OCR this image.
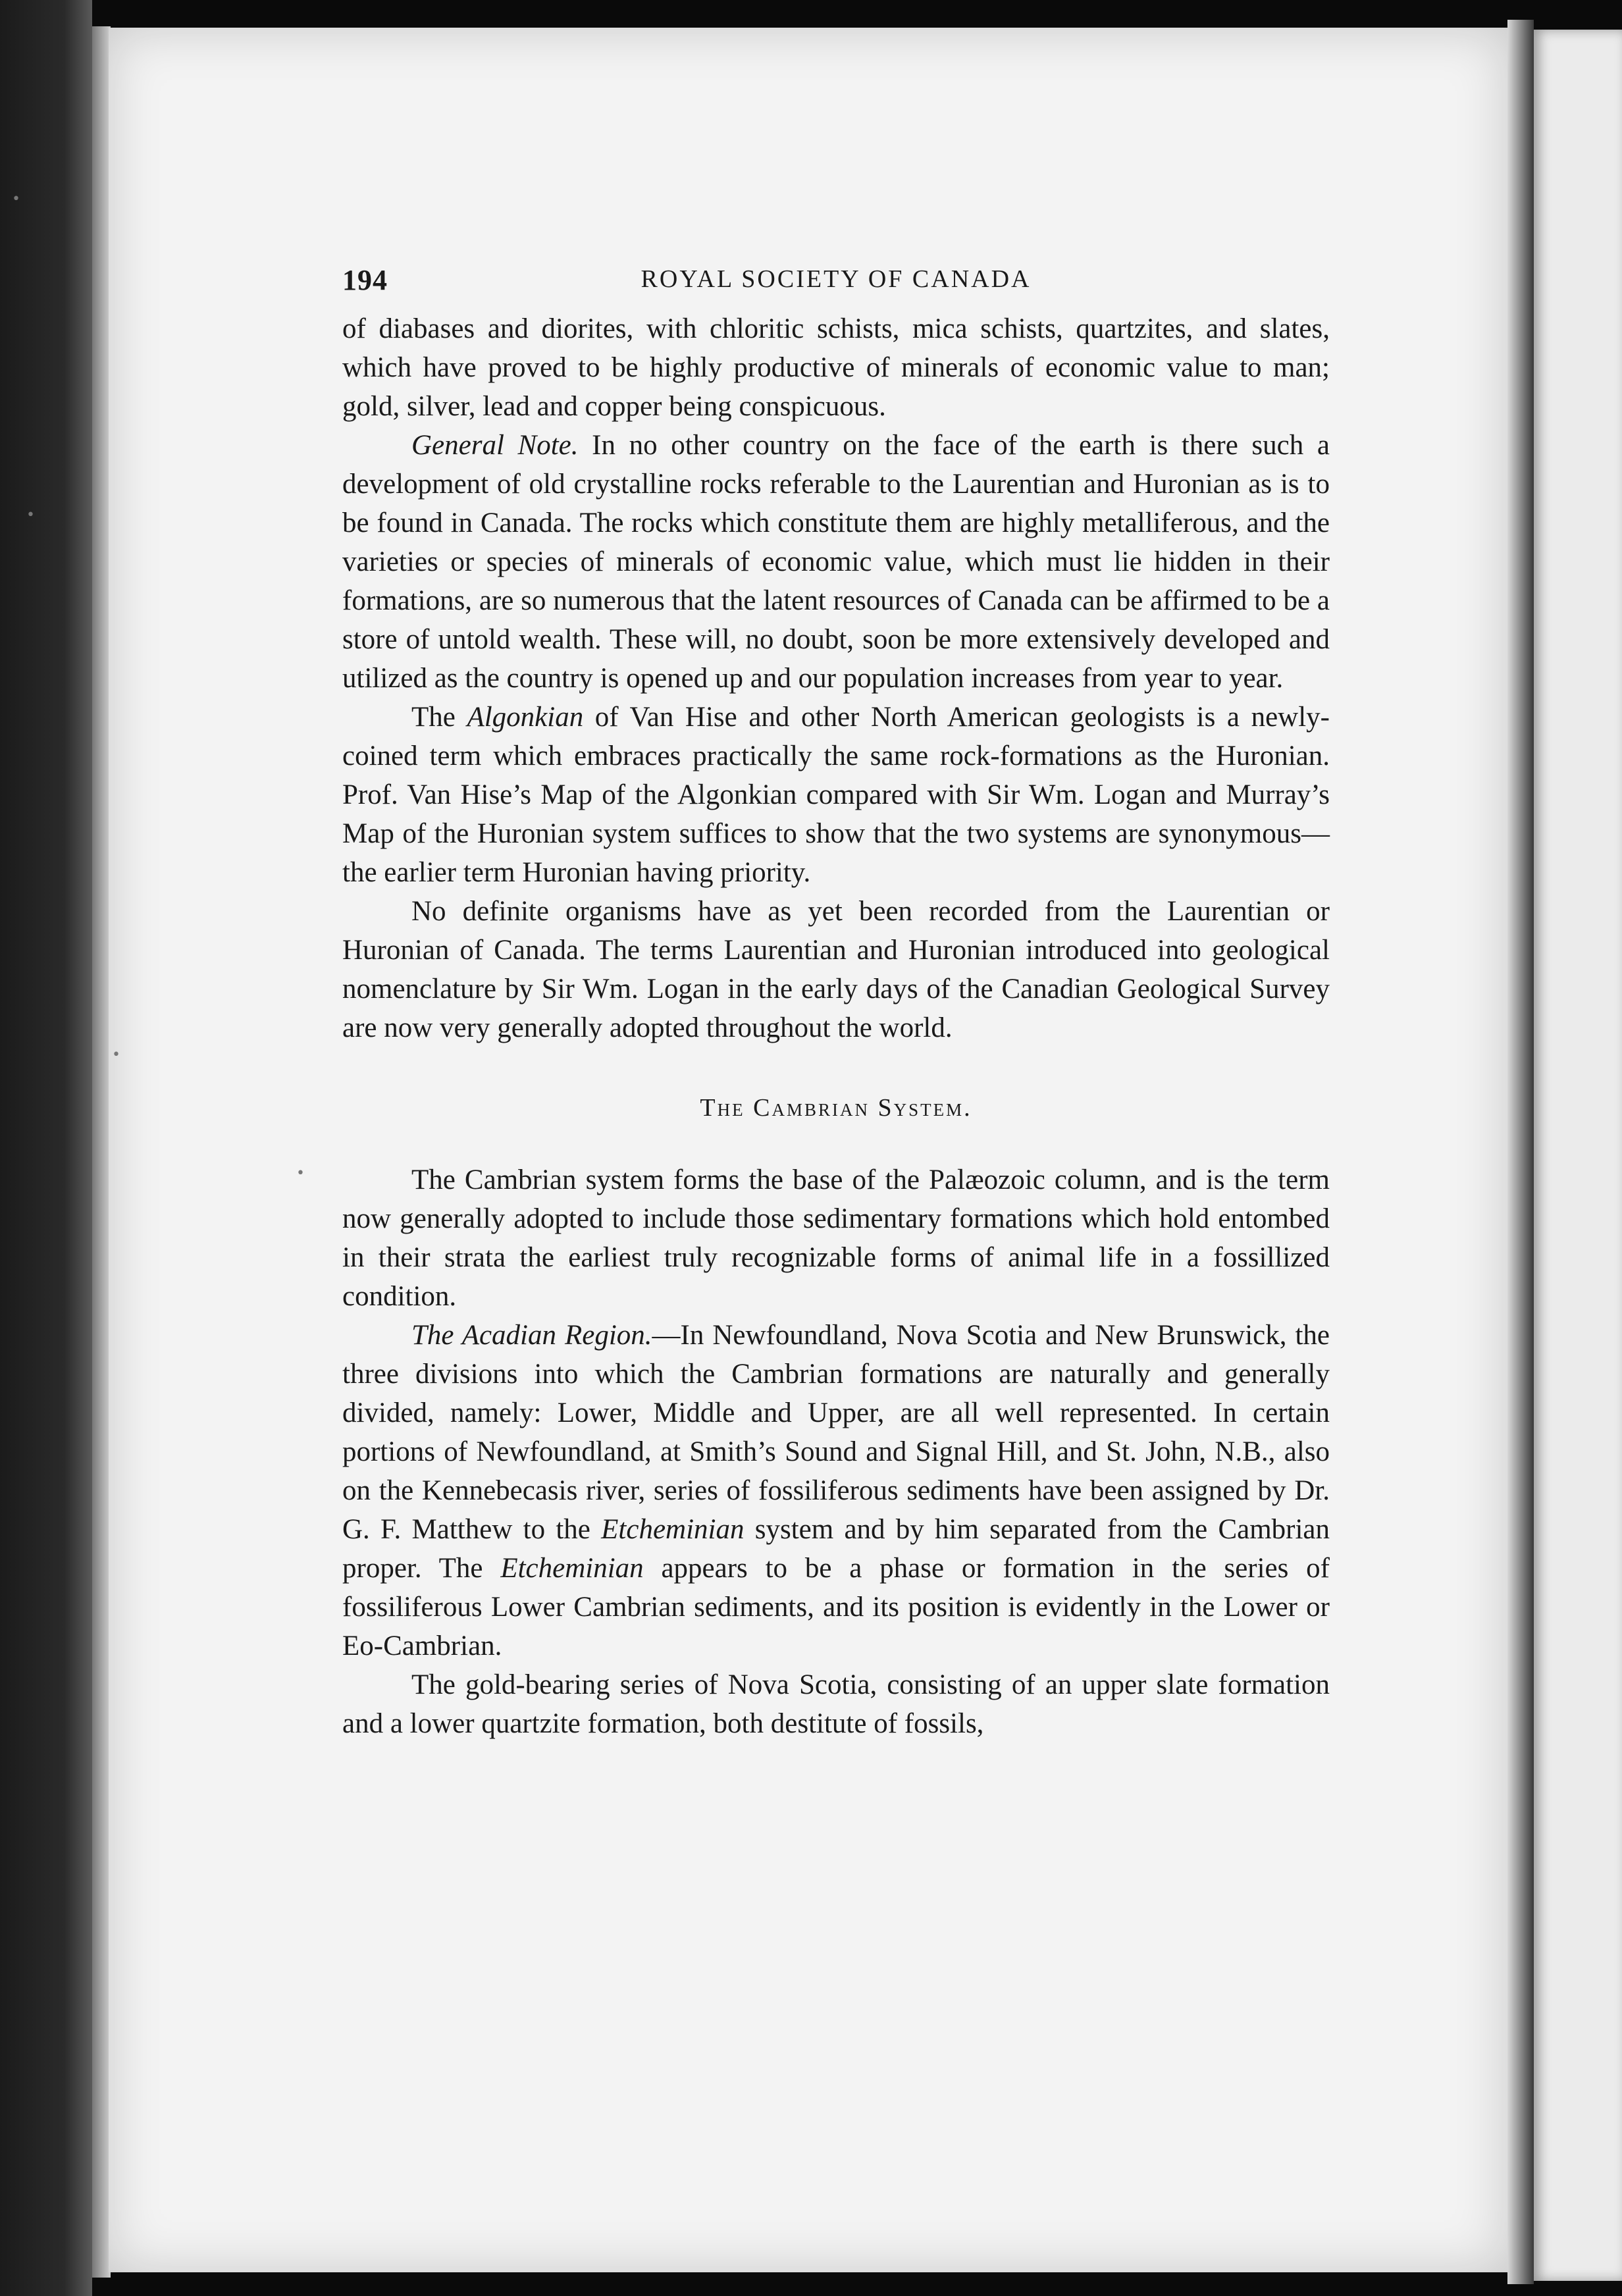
•
•
•
•
194	ROYAL SOCIETY OF CANADA

of diabases and diorites, with chloritic schists, mica schists, quartzites, and slates, which have proved to be highly productive of minerals of economic value to man; gold, silver, lead and copper being conspicuous.

General Note. In no other country on the face of the earth is there such a development of old crystalline rocks referable to the Laurentian and Huronian as is to be found in Canada. The rocks which constitute them are highly metalliferous, and the varieties or species of minerals of economic value, which must lie hidden in their formations, are so numerous that the latent resources of Canada can be affirmed to be a store of untold wealth. These will, no doubt, soon be more extensively developed and utilized as the country is opened up and our population increases from year to year.

The Algonkian of Van Hise and other North American geologists is a newly-coined term which embraces practically the same rock-formations as the Huronian. Prof. Van Hise’s Map of the Algonkian compared with Sir Wm. Logan and Murray’s Map of the Huronian system suffices to show that the two systems are synonymous—the earlier term Huronian having priority.

No definite organisms have as yet been recorded from the Laurentian or Huronian of Canada. The terms Laurentian and Huronian introduced into geological nomenclature by Sir Wm. Logan in the early days of the Canadian Geological Survey are now very generally adopted throughout the world.

The Cambrian System.

The Cambrian system forms the base of the Palæozoic column, and is the term now generally adopted to include those sedimentary formations which hold entombed in their strata the earliest truly recognizable forms of animal life in a fossillized condition.

The Acadian Region.—In Newfoundland, Nova Scotia and New Brunswick, the three divisions into which the Cambrian formations are naturally and generally divided, namely: Lower, Middle and Upper, are all well represented. In certain portions of Newfoundland, at Smith’s Sound and Signal Hill, and St. John, N.B., also on the Kennebecasis river, series of fossiliferous sediments have been assigned by Dr. G. F. Matthew to the Etcheminian system and by him separated from the Cambrian proper. The Etcheminian appears to be a phase or formation in the series of fossiliferous Lower Cambrian sediments, and its position is evidently in the Lower or Eo-Cambrian.

The gold-bearing series of Nova Scotia, consisting of an upper slate formation and a lower quartzite formation, both destitute of fossils,
